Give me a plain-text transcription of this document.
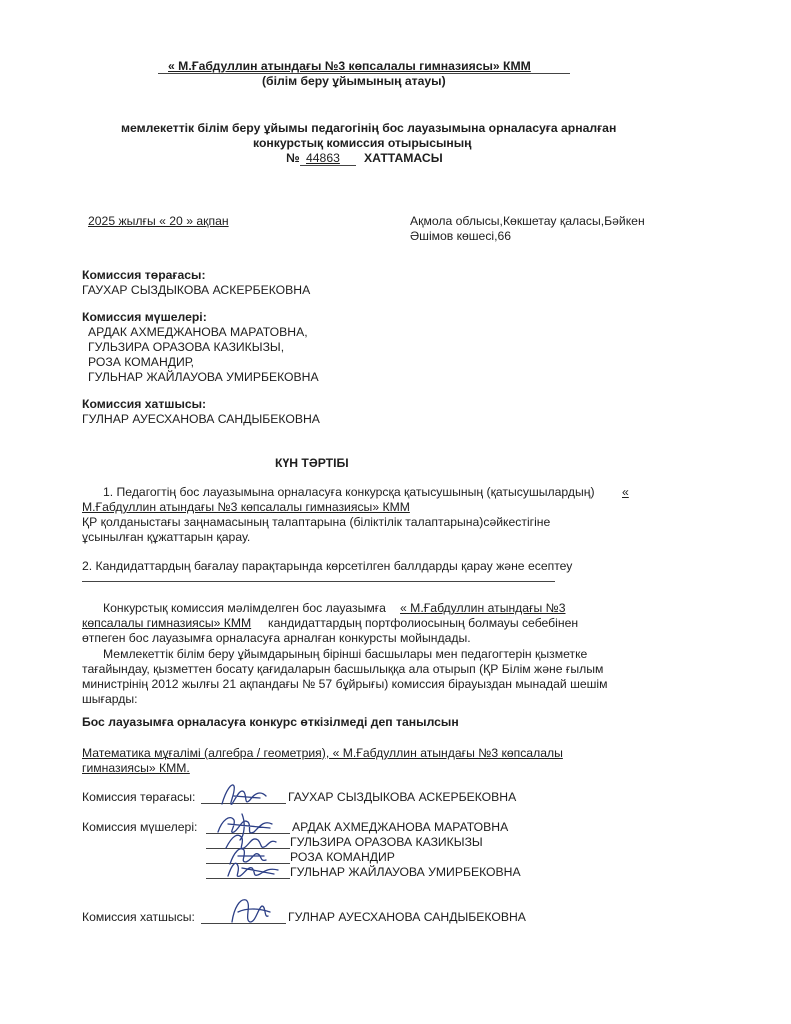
« М.Ғабдуллин атындағы №3 көпсалалы гимназиясы» КММ
(білім беру ұйымының атауы)
мемлекеттік білім беру ұйымы педагогінің бос лауазымына орналасуға арналған
конкурстық комиссия отырысының
№ 44863 ХАТТАМАСЫ
2025 жылғы « 20 » ақпан	Ақмола облысы,Көкшетау қаласы,Бәйкен
Әшімов көшесі,66
Комиссия төрағасы:
ГАУХАР СЫЗДЫКОВА АСКЕРБЕКОВНА
Комиссия мүшелері:
АРДАК АХМЕДЖАНОВА МАРАТОВНА,
ГУЛЬЗИРА ОРАЗОВА КАЗИКЫЗЫ,
РОЗА КОМАНДИР,
ГУЛЬНАР ЖАЙЛАУОВА УМИРБЕКОВНА
Комиссия хатшысы:
ГУЛНАР АУЕСХАНОВА САНДЫБЕКОВНА
КҮН ТӘРТІБІ
1. Педагогтің бос лауазымына орналасуға конкурсқа қатысушының (қатысушылардың) «
М.Ғабдуллин атындағы №3 көпсалалы гимназиясы» КММ
ҚР қолданыстағы заңнамасының талаптарына (біліктілік талаптарына)сәйкестігіне
ұсынылған құжаттарын қарау.
2. Кандидаттардың бағалау парақтарында көрсетілген баллдарды қарау және есептеу
Конкурстық комиссия мәлімделген бос лауазымға « М.Ғабдуллин атындағы №3
көпсалалы гимназиясы» КММ кандидаттардың портфолиосының болмауы себебінен
өтпеген бос лауазымға орналасуға арналған конкурсты мойындады.
Мемлекеттік білім беру ұйымдарының бірінші басшылары мен педагогтерін қызметке
тағайындау, қызметтен босату қағидаларын басшылыққа ала отырып (ҚР Білім және ғылым
министрінің 2012 жылғы 21 ақпандағы № 57 бұйрығы) комиссия бірауыздан мынадай шешім
шығарды:
Бос лауазымға орналасуға конкурс өткізілмеді деп танылсын
Математика мұғалімі (алгебра / геометрия), « М.Ғабдуллин атындағы №3 көпсалалы
гимназиясы» КММ.
Комиссия төрағасы:	ГАУХАР СЫЗДЫКОВА АСКЕРБЕКОВНА
Комиссия мүшелері:	АРДАК АХМЕДЖАНОВА МАРАТОВНА
ГУЛЬЗИРА ОРАЗОВА КАЗИКЫЗЫ
РОЗА КОМАНДИР
ГУЛЬНАР ЖАЙЛАУОВА УМИРБЕКОВНА
Комиссия хатшысы:	ГУЛНАР АУЕСХАНОВА САНДЫБЕКОВНА
